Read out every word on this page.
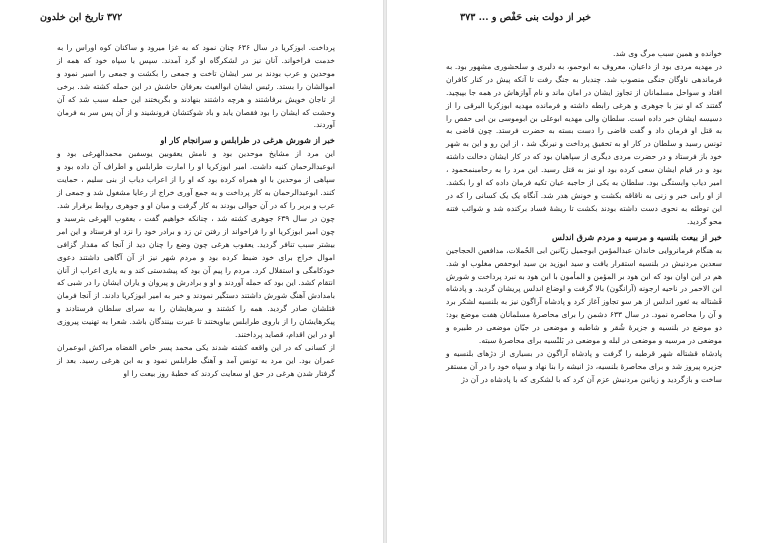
۳۷۲ تاریخ ابن خلدون

پرداخت. ابوزکریا در سال ۶۳۶ چنان نمود که به غزا میرود و ساکنان کوه اوراس را به خدمت فراخواند. آنان نیز در لشکرگاه او گرد آمدند. سپس با سپاه خود که همه از موحدین و عرب بودند بر سر ایشان تاخت و جمعی را بکشت و جمعی را اسیر نمود و اموالشان را بستد. رئیس ایشان ابوالغیث بعرفان حاشش در این حمله کشته شد. برخی از تاجان خویش برفاشتند و هرچه داشتند بنهادند و بگریختند این حمله سبب شد که آن وحشت که ایشان را بود فقصان یابد و باد شوکتشان فرونشیند و از آن پس سر به فرمان آوردند.

خبر از شورش هرغی در طرابلس و سرانجام کار او

این مرد از مشایخ موحدین بود و نامش یعقوبین یوسفبن محمدالهرغی بود و ابوعبدالرحمان کنیه داشت. امیر ابوزکریا او را امارت طرابلس و اطراف آن داده بود و سپاهی از موحدین با او همراه کرده بود که او را از اعراب دیاب از بنی سلیم ، حمایت کنند. ابوعبدالرحمان به کار پرداخت و به جمع آوری خراج از رعایا مشغول شد و جمعی از عرب و بربر را که در آن حوالی بودند به کار گرفت و میان او و جوهری روابط برقرار شد. چون در سال ۶۳۹ جوهری کشته شد ، چنانکه خواهیم گفت ، یعقوب الهرغی بترسید و چون امیر ابوزکریا او را فراخواند از رفتن تن زد و برادر خود را نزد او فرستاد و این امر بیشتر سبب تنافر گردید. یعقوب هرغی چون وضع را چنان دید از آنجا که مقدار گزافی اموال خراج برای خود ضبط کرده بود و مردم شهر نیز از آن آگاهی داشتند دعوی خودکامگی و استقلال کرد. مردم را پیم آن بود که پیشدستی کند و به یاری اعراب از آنان انتقام کشد. این بود که حمله آوردند و او و برادرش و پیروان و یاران ایشان را در شبی که بامدادش آهنگ شورش داشتند دستگیر نمودند و خبر به امیر ابوزکریا دادند. از آنجا فرمان قتلشان صادر گردید. همه را کشتند و سرهایشان را به سرای سلطان فرستادند و پیکرهایشان را از باروی طرابلس بیاویختند تا عبرت بینندگان باشد. شعرا به تهنیت پیروزی او در این اقدام، قصاید پرداختند.

از کسانی که در این واقعه کشته شدند یکی محمد پسر خاص القضاه مراکش ابوعمران عمران بود. این مرد به تونس آمد و آهنگ طرابلس نمود و به ابن هرغی رسید. بعد از گرفتار شدن هرغی در حق او سعایت کردند که خطبهٔ روز بیعت را او

خبر از دولت بنی حَفْص و ... ۳۷۳

خوانده و همین سبب مرگ وی شد.

در مهدیه مردی بود از داعیان، معروف به ابوحمو، به دلیری و سلحشوری مشهور بود. به فرماندهی ناوگان جنگی منصوب شد. چندبار به جنگ رفت تا آنکه پیش در کنار کافران افتاد و سواحل مسلمانان از تجاوز ایشان در امان ماند و نام آوازهاش در همه جا بپیچید. گفتند که او نیز با جوهری و هرغی رابطه داشته و فرمانده مهدیه ابوزکریا البرقی را از دسیسه ایشان خبر داده است. سلطان والی مهدیه ابوعلی بن ابوموسی بن ابی حفص را به قتل او فرمان داد و گفت قاضی را دست بسته به حضرت فرستد. چون قاضی به تونس رسید و سلطان در کار او به تحقیق پرداخت و نیرنگ شد ، از این رو و این به شهر خود باز فرستاد و در حضرت مردی دیگری از سپاهیان بود که در کار ایشان دخالت داشته بود و در قیام ایشان سعی کرده بود او نیز به قتل رسید. این مرد را به رحامبنمحمود ، امیر دیاب وابستگی بود. سلطان به یکی از حاجبه عیان تکیه فرمان داده که او را بکشد. از او رابی خبر و زنی به ناقاقه بکشت و خونش هدر شد. آنگاه یک یک کسانی را که در این توطئه به نحوی دست داشته بودند بکشت تا ریشهٔ فساد برکنده شد و شوائب فتنه محو گردید.

خبر از بیعت بلنسیه و مرسیه و مردم شرق اندلس

به هنگام فرمانروایی خاندان عبدالمؤمن ابوجمیل زیّانبن ابی الحُملات، مدافعین الحجاجین سعدبن مردنیش در بلنسیه استقرار یافت و سید ابوزید بن سید ابوحفص مغلوب او شد. هم در این اوان بود که ابن هود بر المؤمن و المأمون با ابن هود به نبرد پرداخت و شورش ابن الاحمر در ناحیه ارجونه (آرانگون) بالا گرفت و اوضاع اندلس پریشان گردید. و پادشاه قَشتاله به ثغور اندلس از هر سو تجاوز آغاز کرد و پادشاه آراگون نیز به بلنسیه لشکر برد و آن را محاصره نمود. در سال ۶۳۳ دشمن را برای محاصرهٔ مسلمانان هفت موضع بود: دو موضع در بلنسیه و جزیرهٔ شُقر و شاطبه و موضعی در جیّان موضعی در طبیره و موضعی در مرسیه و موضعی در لبله و موضعی در بَلنْسیه برای محاصرهٔ سبته.

پادشاه قشتاله شهر قرطبه را گرفت و پادشاه آراگون در بسیاری از دژهای بلنسیه و جزیره پیروز شد و برای محاصرهٔ بلنسیه، دژ انیشه را بنا نهاد و سپاه خود را در آن مستقر ساخت و بازگردید و زیانبن مردنیش عزم آن کرد که با لشکری که با پادشاه در آن دژ
